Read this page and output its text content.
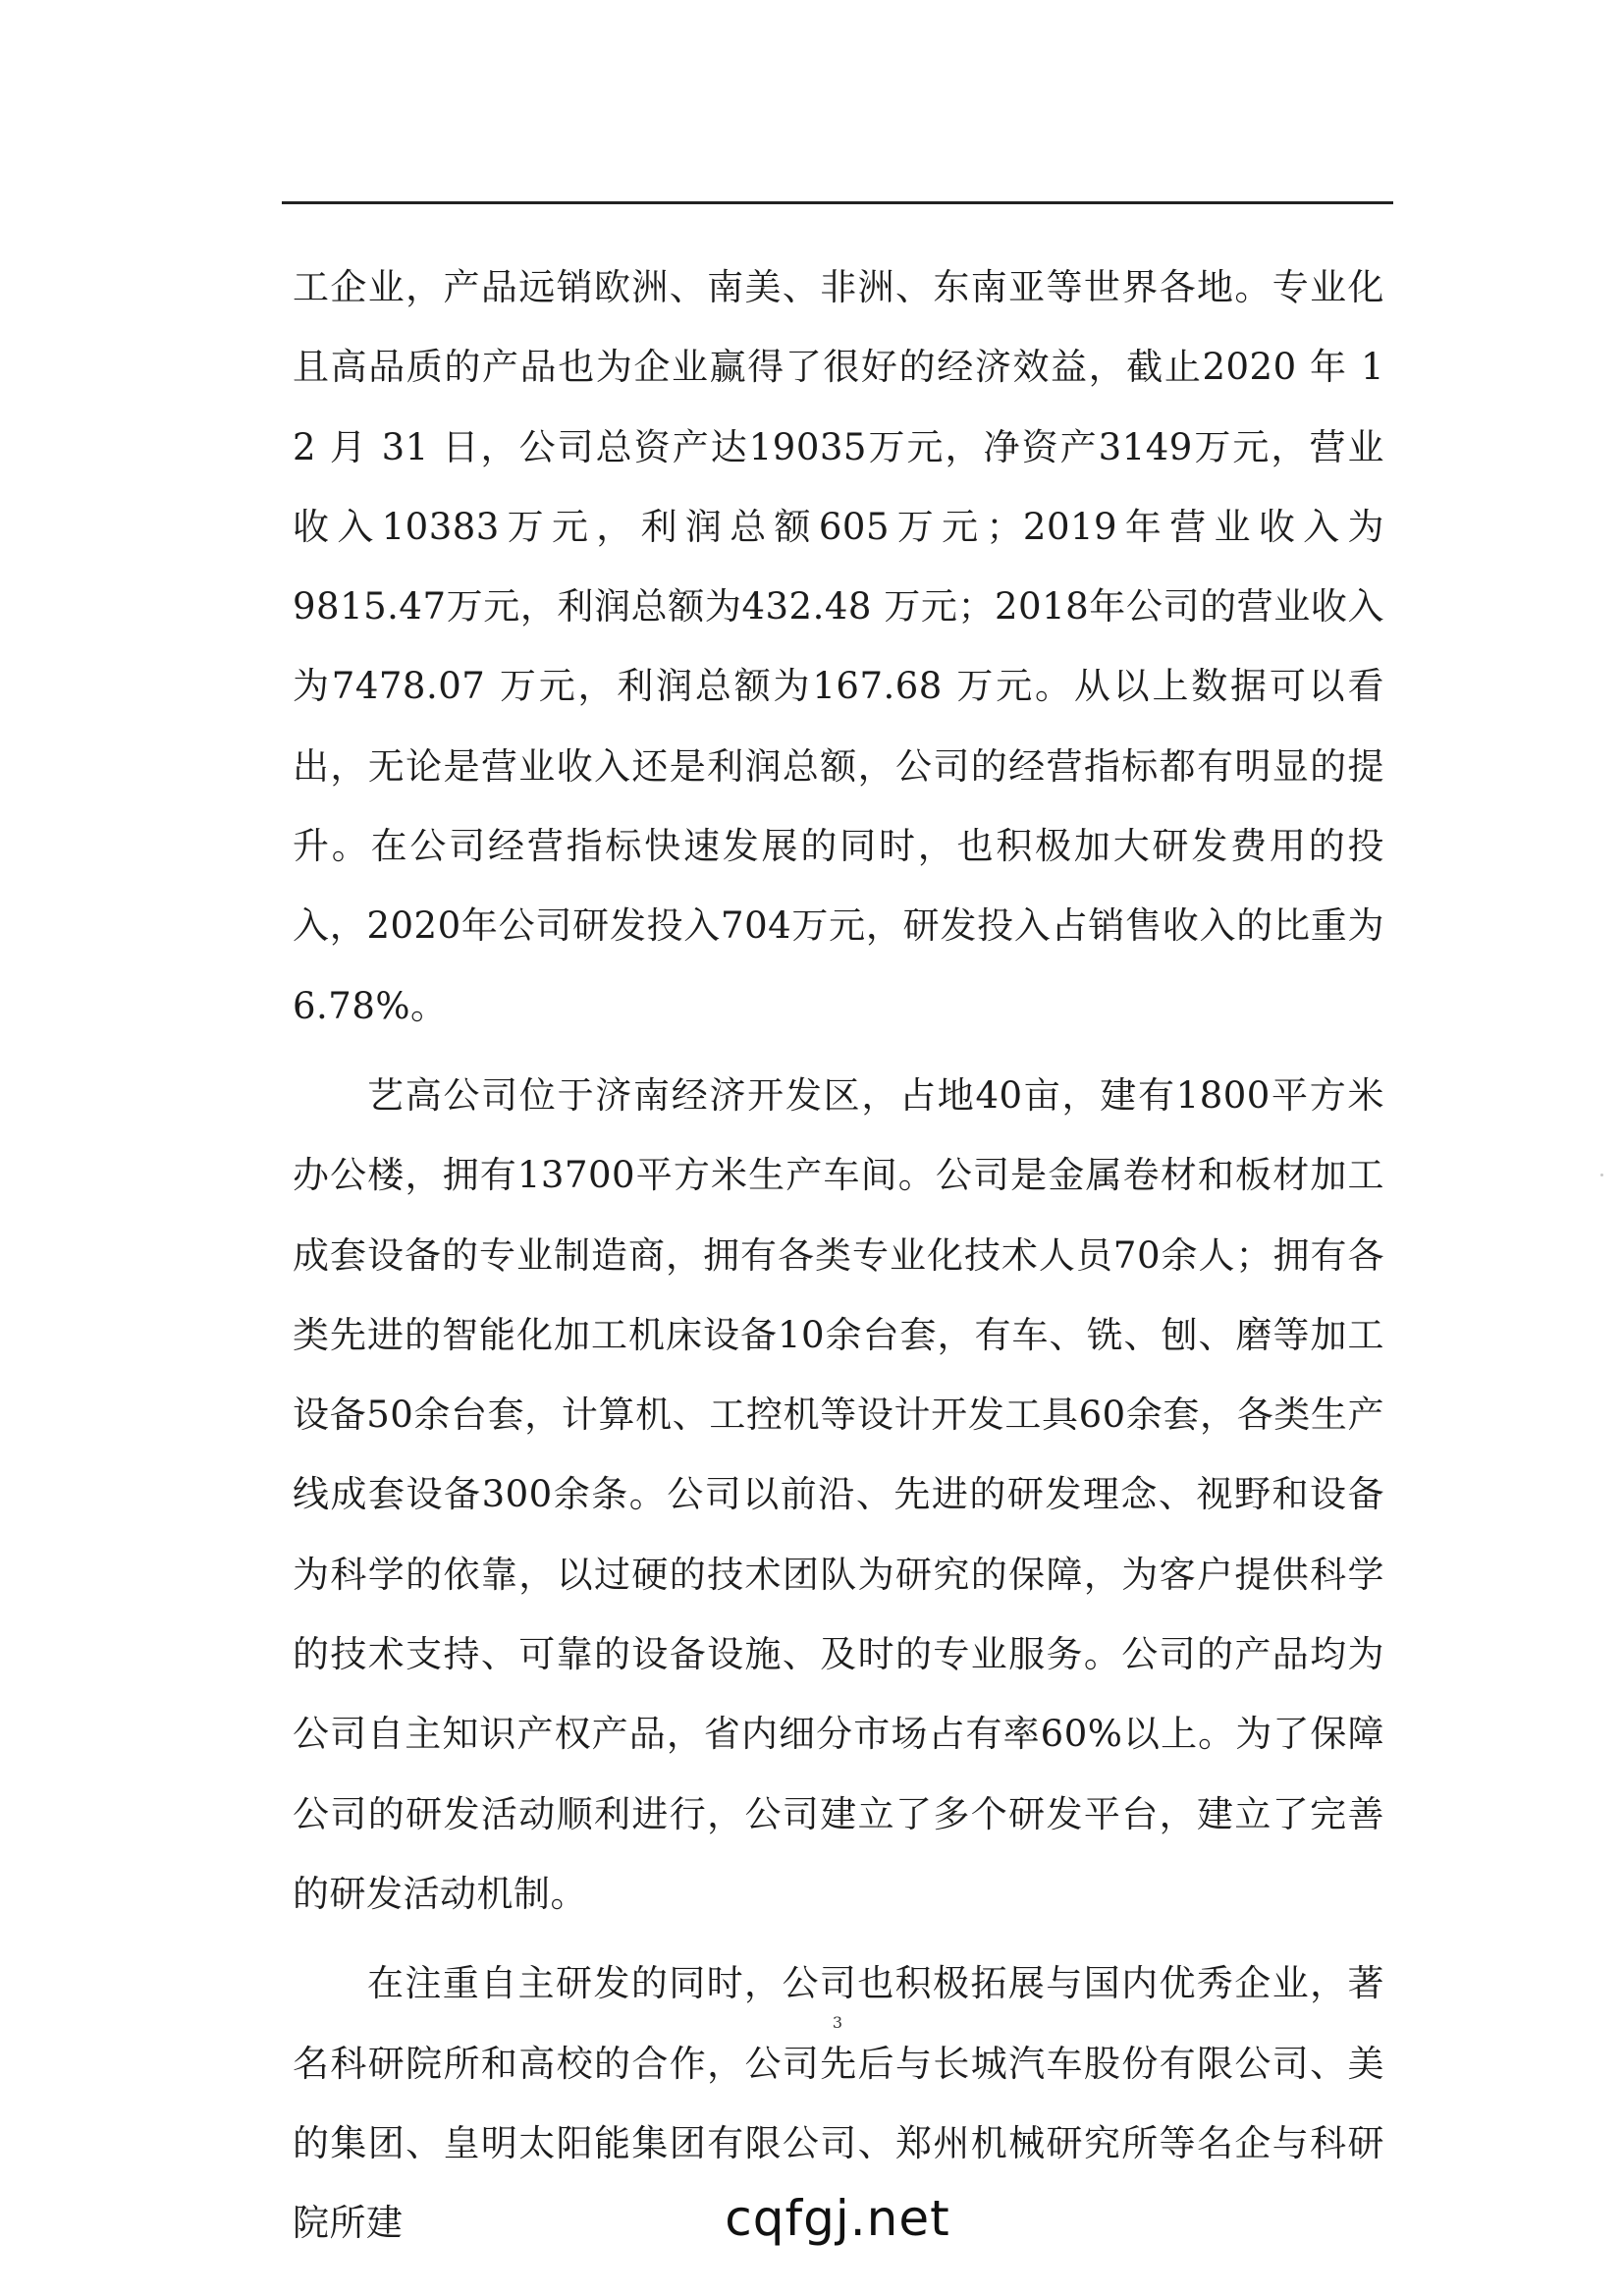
工企业，产品远销欧洲、南美、非洲、东南亚等世界各地。专业化且高品质的产品也为企业赢得了很好的经济效益，截止2020 年 1 2 月 31 日，公司总资产达19035万元，净资产3149万元，营业收入10383万元，利润总额605万元；2019年营业收入为9815.47万元，利润总额为432.48 万元；2018年公司的营业收入为7478.07 万元，利润总额为167.68 万元。从以上数据可以看出，无论是营业收入还是利润总额，公司的经营指标都有明显的提升。在公司经营指标快速发展的同时，也积极加大研发费用的投入，2020年公司研发投入704万元，研发投入占销售收入的比重为6.78%。

艺高公司位于济南经济开发区，占地40亩，建有1800平方米办公楼，拥有13700平方米生产车间。公司是金属卷材和板材加工成套设备的专业制造商，拥有各类专业化技术人员70余人；拥有各类先进的智能化加工机床设备10余台套，有车、铣、刨、磨等加工设备50余台套，计算机、工控机等设计开发工具60余套，各类生产线成套设备300余条。公司以前沿、先进的研发理念、视野和设备为科学的依靠，以过硬的技术团队为研究的保障，为客户提供科学的技术支持、可靠的设备设施、及时的专业服务。公司的产品均为公司自主知识产权产品，省内细分市场占有率60%以上。为了保障公司的研发活动顺利进行，公司建立了多个研发平台，建立了完善的研发活动机制。

在注重自主研发的同时，公司也积极拓展与国内优秀企业，著名科研院所和高校的合作，公司先后与长城汽车股份有限公司、美的集团、皇明太阳能集团有限公司、郑州机械研究所等名企与科研院所建

3
cqfgj.net
